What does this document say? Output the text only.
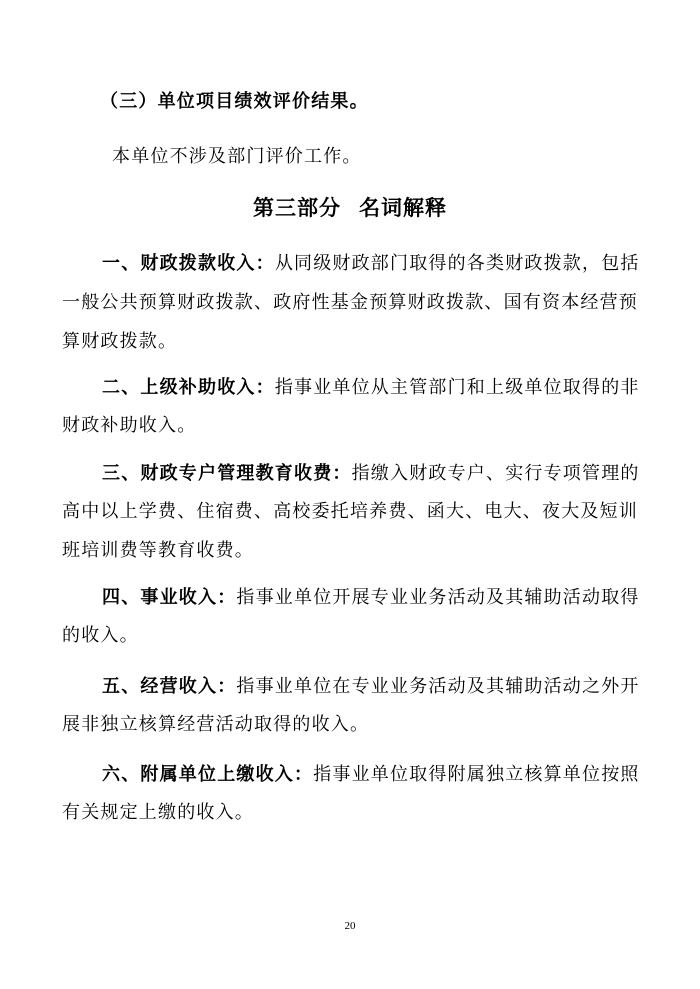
（三）单位项目绩效评价结果。
本单位不涉及部门评价工作。
第三部分 名词解释
一、财政拨款收入：从同级财政部门取得的各类财政拨款，包括
一般公共预算财政拨款、政府性基金预算财政拨款、国有资本经营预
算财政拨款。
二、上级补助收入：指事业单位从主管部门和上级单位取得的非
财政补助收入。
三、财政专户管理教育收费：指缴入财政专户、实行专项管理的
高中以上学费、住宿费、高校委托培养费、函大、电大、夜大及短训
班培训费等教育收费。
四、事业收入：指事业单位开展专业业务活动及其辅助活动取得
的收入。
五、经营收入：指事业单位在专业业务活动及其辅助活动之外开
展非独立核算经营活动取得的收入。
六、附属单位上缴收入：指事业单位取得附属独立核算单位按照
有关规定上缴的收入。
20
